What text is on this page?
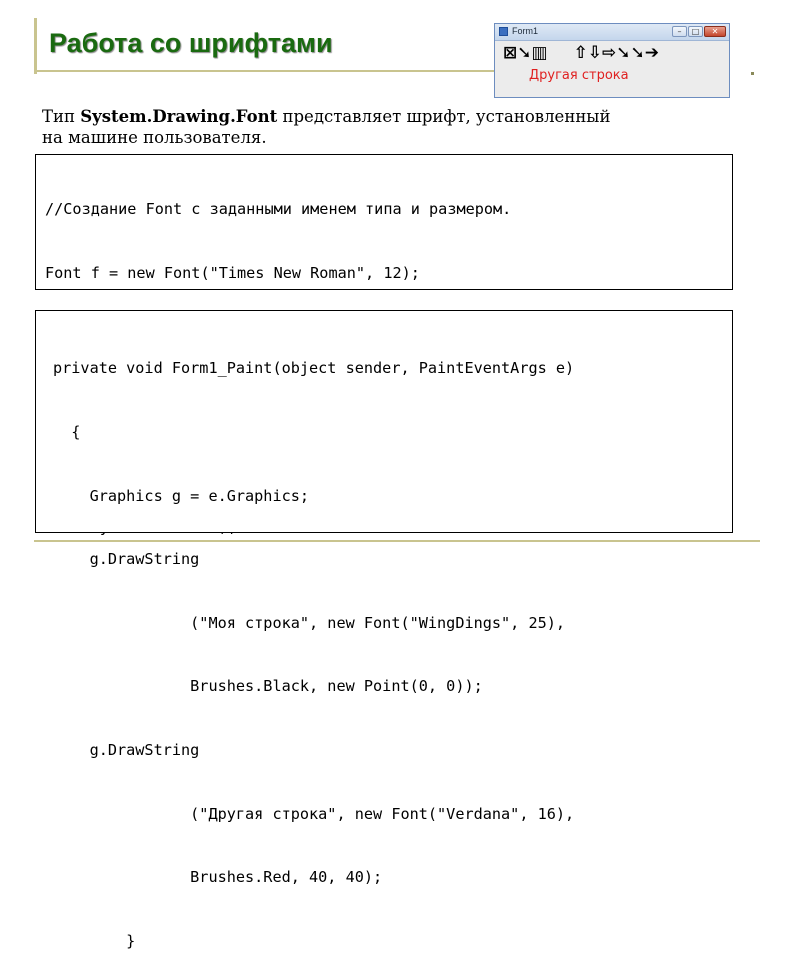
Работа со шрифтами	Form1	–	□	✕
⊠➘▥ ⇧⇩⇨➘➘➔
Другая строка
Тип System.Drawing.Font представляет шрифт, установленный
на машине пользователя.

//Создание Font с заданными именем типа и размером.

Font f = new Font("Times New Roman", 12);

private void Form1_Paint(object sender, PaintEventArgs e)

{

Graphics g = e.Graphics;

g.DrawString

("Моя строка", new Font("WingDings", 25),

Brushes.Black, new Point(0, 0));

g.DrawString

("Другая строка", new Font("Verdana", 16),

Brushes.Red, 40, 40);

}
